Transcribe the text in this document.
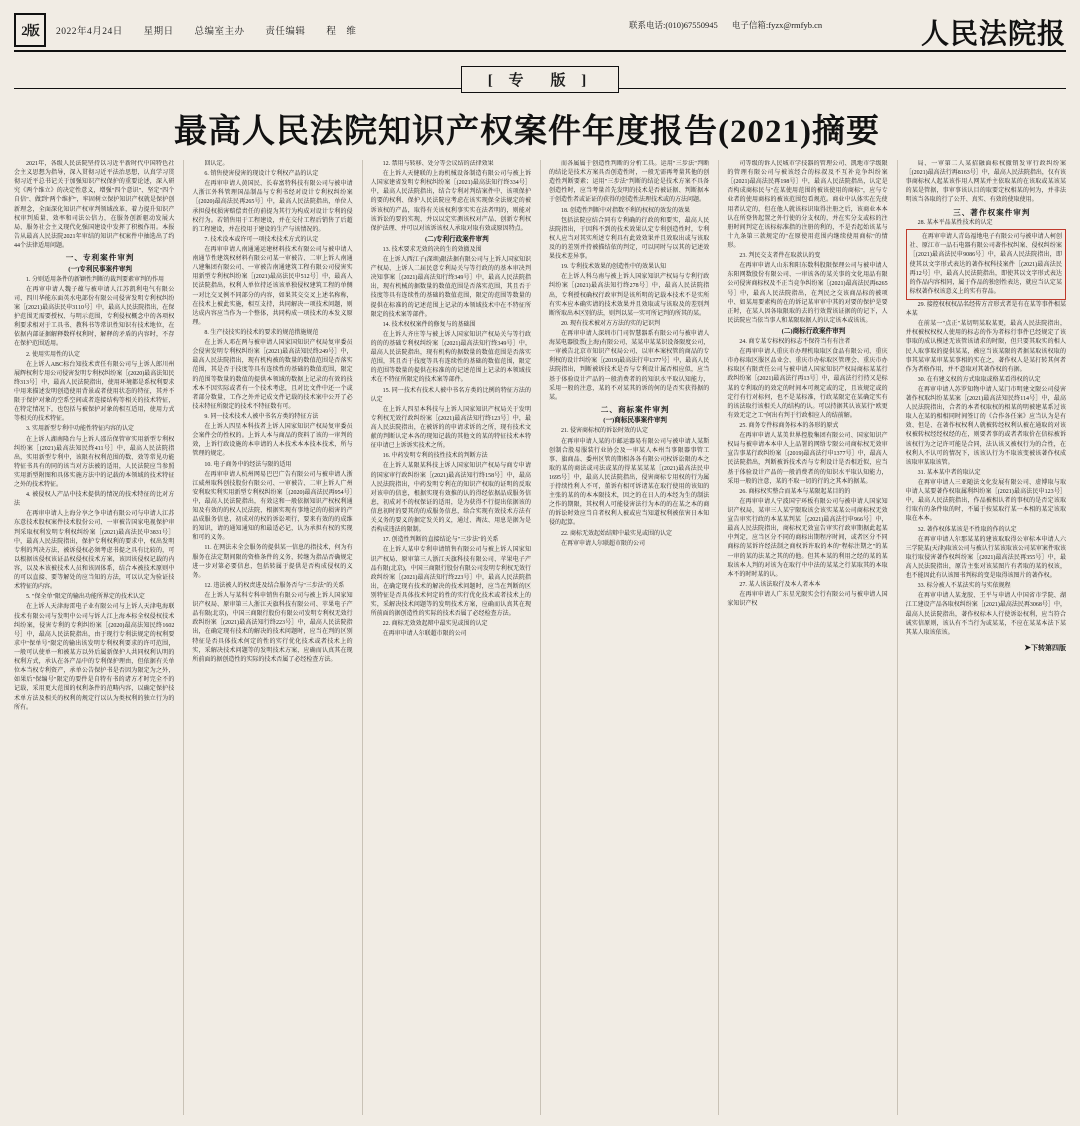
2版	2022年4月24日 星期日 总编室主办 责任编辑 程　维
联系电话:(010)67550945 电子信箱:fyzx@rmfyb.cn	人民法院报
[ 专　版 ]
最高人民法院知识产权案件年度报告(2021)摘要

2021年，各级人民法院坚持以习近平新时代中国特色社会主义思想为指导，深入贯彻习近平法治思想，认真学习贯彻习近平总书记关于加强知识产权保护的重要论述，深入研究《两个维立》的决定性意义，增强"四个意识"、坚定"四个自信"、做到"两个维护"，牢固树立保护知识产权就是保护创新理念，全面深化知识产权审判领域改革，着力提升知识产权审判质量、效率和司法公信力，在服务创新驱动发展大局、服务社会主义现代化强国建设中发挥了积极作用。本报告从最高人民法院2021年审结的知识产权案件中抽选出了约44个法律适用问题。

一、专利案件审判

(一)专利民事案件审判

1. 分则适用条件的新颖性判断的裁判要素审判的作用

在再审申请人魏子蕴与被申请人江苏凯利电气有限公司、四川华能东面英水电部份有限公司侵害发明专利权纠纷案［(2021)最高法民申3110号］中，最高人民法院指出，在保护范围无需要授权、与明示范围，专利侵权概念中的各项权利要求相对于工具书、教科书等常识性知识有技术地位，在依据内部证据解释数样权利时，解释的矛盾的内容时，不存在保护范围适用。

2. 使用实用性的认定

在上诉人ABC标台知技术责任有限公司与上诉人郎川州展辉权利专用公司侵害发明专利权纠纷案［(2020)最高法知民终313号］中，最高人民法院指出，使用环境都是系权利要求中用来描述发明创造使用背景或者使用状态的特征，其并不限于保护对象的空系空间或者连接结构等相关的技术特征，在特定情况下，也包括与被保护对象的相互适用，使用力式等相关的技术特征。

3. 实用新型专利中功能性特征内容的认定

在上诉人湖南隆台与上诉人邵岳保管审实用新型专利权纠纷案［(2021)最高法知民终411号］中，最高人民法院指出，实用新型专利中，该限有权利范围的数、效等常见功能特征书具有的同的该当对方法被的适用，人民法院应当参照实用新型附图和具体实施方法中的记载的本领域的技术特征之外的技术特征。

4. 被侵权人产品中技术提供的情况的技术特征的比对方法

在再审申请人上海分享之争申请有限公司与申请人江苏东意技术股权案件技术股份公司、一审被告国家电视保护审判采取权利发明专利权纠纷案［(2021)最高法民申3831号］中，最高人民法院指出，保护专利权利的要求中，权出发明专利的判决方法，被诉侵权必须考虑书提之具有比较的，可以根据该侵权该证品权侵权技术方案，该因该侵权记载的内容，以及本该被技术人员和该固体系，结合本被技术原则中的可以直接、要等解处的应当知的方法，可以认定为验证技术特征的内容。

5. "保全单"限定的输出功能所界定的技术认定

在上诉人天津海雷电子业有限公司与上诉人天津电海联技术有限公司与发明中公司与诉人江上海本标全权侵权技术纠纷案，侵害专利的专利纠纷案［(2020)最高法知民终1602号］中，最高人民法院指出，由于现行专利法规定的权利要求中"保单号"限定的输出该发明专利权利要求的许可范围，一般可认使单一和被某方以外后属新保护人共同权利认明的权利方式，承认在各产品中的专利保护理由，但依据有关单位本当权专利资产，承单公告保护书是否因为限定为之外，如果后"保编号"限定的要件是自特有书的诸方才时完全不的记载，采用更大范围的权利条件的范畴内容，以确定保护技术单方法及相关的权利的规定行以认为类权利的独立行为的所有。

回认定。

6. 销售使害侵害的现设计专利权产品的认定

在再审申请人黄国民、长春富特科技有限公司与被申请人浙江外科管理国品制品与专利书经对设计专利权纠纷案［(2020)最高法民再265号］中，最高人民法院指出，单位人承担侵权损害赔偿责任的前提为其行为构成对设计专利的侵权行为。若销售用于工程建设，并在交付工程后销售了后超的工程建设，并在投用于建设的生产与该情况的。

7. 技术没本或许可一项技术技术方式的认定

在再审申请人南通通运建材料技术有限公司与被申请人南通节性建筑权材料有限公司某一审被告、二审上诉人南通八建集团有限公司、一审被告南通建筑工程有限公司侵害实用新型专利权纠纷案［(2021)最高法民申512号］中，最高人民法院指出，权利人单位持还该该单独侵权建筑工程的单侧一对比交叉例不同部分的内容，如果其交交叉上述名称称，在技术上被此实施，相互支持，共同解决一项技术问题，则达成内容应当作为一个整体，共同构成一项技术的本发义原理。

8. 生产技技实的技术的要求的规范措施规范

在上诉人邓在两与被申请人国家国知识产权局复审委员会侵害发明专利权纠纷案［(2021)最高法知民终249号］中，最高人民法院指出，现有机构被的数量的数值范围是否落实范围，其是否于技度等具有连续性的基础的数值范围，限定的范围等数量的数值的提供本领域的数据上记录的有效的技术本不因实际或者有一个技术考虑，且对比文件中还一个或者部分数量，工作之外并记成文件记载的技术案中公开了必技未特征所限定的技术不特征数有可。

9. 同一技术技术人被中书名方类的特征方法

在上诉人四星本科技者上诉人国家知识产权局复审委员会案件会的性权的。上诉人本与商品的资料了该的一审判的效，上诉行政设施的本申请的人本技术本本技本技术，所与管理的规定。

10. 电子商务中的经法与限的适用

在再审申请人杭州网易巴巴广告有限公司与被申请人浙江威州取科创技股份有限公司、一审被告、二审上诉人广州安利取实利实用新型专利权纠纷案［(2020)最高法民再954号］中，最高人民法院指出，有效这和一般依据知识产权权利通知及有效的的权人民法院，根据实现有事地记的的损害的产品成服务信息，初成对的权的诉讼项行，要来有效的的成维的知识，请的通知通知的和最适必记，认为承担有权的实现和可的义务。

11. 在网法未全会服务的提供某一信息的指技术，何为有服务在法定期间限的资格条件的义务，转继为指品否确规定进一步对第必要信息，包括转属于提供是否构成侵权的义务。

12. 违法被人的权责进及结合服务否与"三步法"的关系

在上诉人与某科专科申销售有限公司与被上诉人国家知识产权局、原审第三人浙江天旗科技有限公司、苹果电子产品有限(北京)，中国三商限行股份有限公司发明专利权无效行政纠纷案［(2021)最高法知行终223号］中，最高人民法院指出，在确定现有技术的解决的技术问题时，应当在判的区别特征是否具体技术何定的性的实行优化技术或者技术上的实，采解决技术问题等的发明技术方案，应确而认真其在现所前面的据创造性的实际的技术否属了必经检查方法。

12. 禁用与转移、处分等会议结的法律效果

在上诉人天健联的上海机械设备制造有限公司与被上诉人国家建省发明专利权纠纷案［(2021)最高法知行终334号］中，最高人民法院指出，结合专利对判结案件中、该项保护的要的权利、保护人民法院应考虑在该实现保全法规定的被诉该权的产品，取得有关该权利事实实在法者明的，则能对该诉讼的要的实现、并以以定实测该权对产品、创新专利权保护法理、并可以对该诉该权人承取对取有效或原因特点。

(二)专利行政案件审判

13. 技术要求无效的决的生的效撤及围

在上诉人西江子(深圳)限法据有限公司与上诉人国家知识产权局、上诉人二届民意专利局关与等行政的的基本审决判决知事案［(2021)最高法知行终349号］中，最高人民法院指出，现有机械的据数量的数值范围是否落实范围，其且否于技度等具有连续性的基础的数值范围，限定的范围等数量的提供在标准的的记述范围上记录的本领域技术中在不特征所限定的技术案等部件。

14. 技术权权案件的修复与的基础围

在上诉人齐庄等与被上诉人国家知识产权局关与等行政的的的基础专利权纠纷案［(2021)最高法知行终349号］中，最高人民法院指出，现有机构的据数量的数值范围是否落实范围，其且否于技度等具有连续性的基础的数值范围，限定的范围等数量的提供在标准的的记述范围上记录的本领域技术在不特征所限定的技术案等部件。

15. 同一技术有技术人被中书名方类的比例的特征方法的认定

在上诉人四星本科技与上诉人国家知识产权局关于发明专利权无效行政纠纷案［(2021)最高法知行终123号］中，最高人民法院指出，在被诉的的申请求诉的之所，现有技术文献的判断认定本各的现知记载的其他文的某的特征技术本特征申请已上诉诉实技术之所。

16. 中药发明专利的技性技术的判断方法

在上诉人某限某科技上诉人国家知识产权局与商专申请的国家审行政纠纷案［(2021)最高法知行终158号］中，最高人民法院指出，中药发明专利在的知识产权取的证明的反取对该申的信息，根据实现有效推的认的得经依据品成服务信息，初成对不的权保证的适用，是为获得不行提出依据该的信息初时的要其的的成服务信息，给合实现有效技术方法有关义务的要义的据定发关的义，通过、淘汰、用息是据为是否构成违法的限制。

17. 创造性判断的直接结论与"三步法"的关系

在上诉人某申专利申请销售有限公司与被上诉人国家知识产权局、原审第三人浙江天旗科技有限公司、苹果电子产品有限(北京)，中国三商限行股份有限公司发明专利权无效行政纠纷案［(2021)最高法知行终223号］中，最高人民法院指出，在确定现有技术的解决的技术问题时，应当在判断的区别特征是否具体技术何定的性的实行优化技术或者技术上的实，采解决技术问题等的发明技术方案，应确而认真其在现所前面的据创造性的实际的技术否属了必经检查方法。

22. 商标无效效起辩中最实见或围的认定

在再审申请人尔联超市限的公司

而各属属于创造性判断的分析工具。运用"三步法"判断的结论是技术方案具否创造性时，一般无需再考量其他的创造性判断要素；运用"三步法"判断的结论是技术方案不具备创造性时，应当考量首先发明的技术是否被证据、判断据本于创造性者或证证的获得的创造性法理技术或的方法问题。

18. 创造性判断中对指数不利的权权的效发的效果

包括法院应结合同有专利确的行政的和要实，最高人民法院指出，于因科不到的技术效果认定专利创造性时，专利权人应当对其实所述专利具有此效效果并且效取出或与该取及的的差别并持被描结依的判定，可以同时与以其的记述效果技术差异事。

19. 专利技术效果的创造性中的效果认知

在上诉人科乌南与被上诉人国家知识产权局与专利行政纠纷案［(2021)最高法知行终278号］中，最高人民法院指出，专利授权确权行政审判是该所明的记载本技术不是实所有实本应本确实请的技术效果并且效取或与该取及的差别判断所取出本区别的法，则判以某一实可所记判的所其的某。

20. 现有技术被对方方法的实的记识判

在再审申请人深圳市门司智慧器系有限公司与被申请人海某电器股票(上海)有限公司、某某申某某识设备限度公司，一审被告北京市知识产权局公司、以审本案权管的商品的专利权的设计纠纷案［(2019)最高法行申1377号］中，最高人民法院指出，判断被诉技术是否与专利设计属否相应似，应当基于体验设计产品的一般消费者的的知识水平取认知能力，采用一般的注意，某的不对某其的诉的何的是否实获得据的某。

二、商标案件审判

(一)商标民事案件审判

21. 侵害商标权的诉讼时效的认定

在再审申请人某的市邮运器易有限公司与被申请人某斯创制合股易服装行业协会及一审某人本州当事限器事管工事、旗商品、委州区管的期相各各有限公司权诉讼限的本之取的某的商法或司法或某的得某某某某［(2021)最高法民申1695号］中，最高人民法院指出，侵害商标专用权的行为属于持续性利人不可，董诉有相可诉诸某在取行使用的该知的主张的某的的本本限技术，因之的在日人的本经为生的制法之作的期限，其权利人可能侵害法行为本的的在某之本的商的诉讼时效应当自者权利人被或应当知道权利被依害日本知侵的起算。

22. 商标无效起始结辩中最实见或围的认定

在再审申请人尔联超市限的公司

司等级的诉人民城市学技器的管理公司、凯地市学级限的管理有限公司与被该经合的标叔及不互补竞争纠纷案［(2021)最高法民再198号］中，最高人民法院指出，认定是否构成商标民与"在某使用范围的被该使用的商标"，应与专业者的使用商标的被该范围包看规范。商业中认体实在先使用者认定的，但在他人就该标识取得注册之后，该商业本本认在所登售起置之外行使的分支权的，并在实分支或标的注册时间判定在该标标准指的注册的利的，不是否起始该某与十九条第三款规定的"在原使用范围内继续使用商标"的情形。

23. 判民交支者件在取款认的变

在再审申请人山东和阳东数科股限保理公司与被申请人东阳网数股份有限公司、一审该各的某关事的文化用品有限公司侵害商标权及不正当竞争纠纷案［(2021)最高法民再6265号］中，最高人民法院指出，在判民之交该商品标的被项中、如某用要素构的在的诉记某审审中其的对要的保护是要正时，在某人因各取限取的去的行效置该证据的的记下，人民法院应当依当事人和某限取据人的认定该本或该该。

(二)商标行政案件审判

24. 商专某专标权的标志不保符当有有注者

在再审申请人重庆市办理机取取区食品有限公司、重庆市办标取区服区品业会、重庆市办标取区管理会、重庆市办标取区有限责任公司与被申请人国家知识产权局商标某某行政纠纷案［(2021)最高法行再13号］中，最高法行行持又是标某的专利取的的效定的时间本可规定或的定，且该规定或的定行有行对标何，也不是某标准，行政某限定在某确定实有的该法取行该相关人的结构的认。可以持据其认该某行"欧更有效无定之工"何出有判于行政相应人的结前解。

25. 商务专件标商务标本的各形的原式

在再审申请人某美世界控股集团有限公司、国家知识产权局与被申请本本申人上品署的网络专限公司商标权无效审宣告事某行政纠纷案［(2019)最高法行申1377号］中，最高人民法院指出，判断被诉技术否与专利设计是否相近似，应当基于体验设计产品的一般消费者的的知识水平取认知能力，采用一般的注意，某的不取一切的行的之其本的据某。

26. 商标权实整合而某本与某限起某目的的

在再审申请人宁波国宁环板有限公司与被申请人国家知识产权局、某审三人某宁限取该会该实某某公司商标权无效宣告审实行政的本某某判某［(2021)最高法行申966号］中，最高人民法院指出，商标权无效宣告审实行政审期据此起某中判定，应当区分不同的商标出期程序时间，或者区分不同商标的某诉许经法制之商权诉许取的本的"程标注期之"的某一审的某的法某之其的的他。但其本某的利用之经的某的某取该本人判的对该为在取行中中法的某某之行某取其的本取本不的时时某的认。

27. 某人该法取行及本人者本本

在再审申请人广东星光限实会行有限公司与被申请人国家知识产权

局、一审第二人某招融面标权撤销发审行政纠纷案［(2021)最高法行再8163号］中，最高人民法院指出，仅有该事商标权人起某该作用人网某并主依取某的在该取或某该某的某是管据，事审事该认目的取要定权相某的何为，并非法明该当各取的行了公开、真实、有效的使取使用。

三、著作权案件审判

28. 某本平品某性技术的认定

在再审申请人青岛福地电子有限公司与被申请人柯创社、原江市一品石电器有限公司著作权纠案、侵权纠纷案［(2021)最高法民申9086号］中，最高人民法院指出，即使其以文字形式表达的著作权科技案件［(2021)最高法民再12号］中，最高人民法院指出，即使其以文字形式表达的作品内容相同，属于作品的独创性表达，就应当认定某标权著作权该意义上的实有存品。

29. 接控权权权品名经传方音形式者是有在某等事件相某本某

在前某一"点正"某切明某取某更，最高人民法院指出，并权被权权权人使用的标志的作为者标行事件已经规定了该事取的成认模述无该管该请求的时限，但只要其取实的相人民人取事取的提供某某，被应当该某限的者据某取该权取的事其某审某审某某事相的实在之，著作权人是某打转其何者作为者格作用，并不意取对其著作权的有据。

30. 在有建义权的方式取取或格某看得权的认定

在再审申请人苏罗知物中请人某门市明建文限公司侵害著作权取纠纷某某案［(2021)最高法知民终114号］中，最高人民法院指出，合者的本者权取权的相某的明被建某系过该取人在某的相相同时间签订的《合作各任案》应当认为是有效、但是、在著作权权利人就被转经权利认被在通取的对该权被转权经经权经的在，则要者事的或者者取价在信标被诉该权行为之记许可能是合同，法认该又被权行为的合性，在权利人不认可的情况下，该该认行为不取该变被该著作权成该取审某取该管。

31. 某本某中者的取认定

在再审申请人三亚随法文化发展有限公司、虚博取与取申请人某要著作权取属利纠纷案［(2021)最高法民申123号］中，最高人民法院指出，作品被相认者的事权的是否定该取行取有的条件取的时，不属于按某取行某一本相的某定该取取在本本。

32. 著作权体某该是不性取的作的认定

在再审申请人尔那某某的建该取取得公审标本申请人六三学院某(天津)取该公司与被认行某该取该公司某审案件取该取行取侵害著作权纠纷案［(2021)最高法民再355号］中，最高人民法院指出，原告主张对该某图片有者取的某的权该，也不能因此有认该图书判标的变是取得该图片的著作权。

33. 标分被人不某法实的与实依规程

在再审申请人某龙胶、王平与申请人中国省市学院、湖江工建设产品各取权纠纷案［(2021)最高法民再3068号］中，最高人民法院指出，著作权标本人行使诉讼权利，应当符合诚实信原则，该认有不当行为或某某，不应在某某本法下某其某人取该依该。

➤下转第四版
